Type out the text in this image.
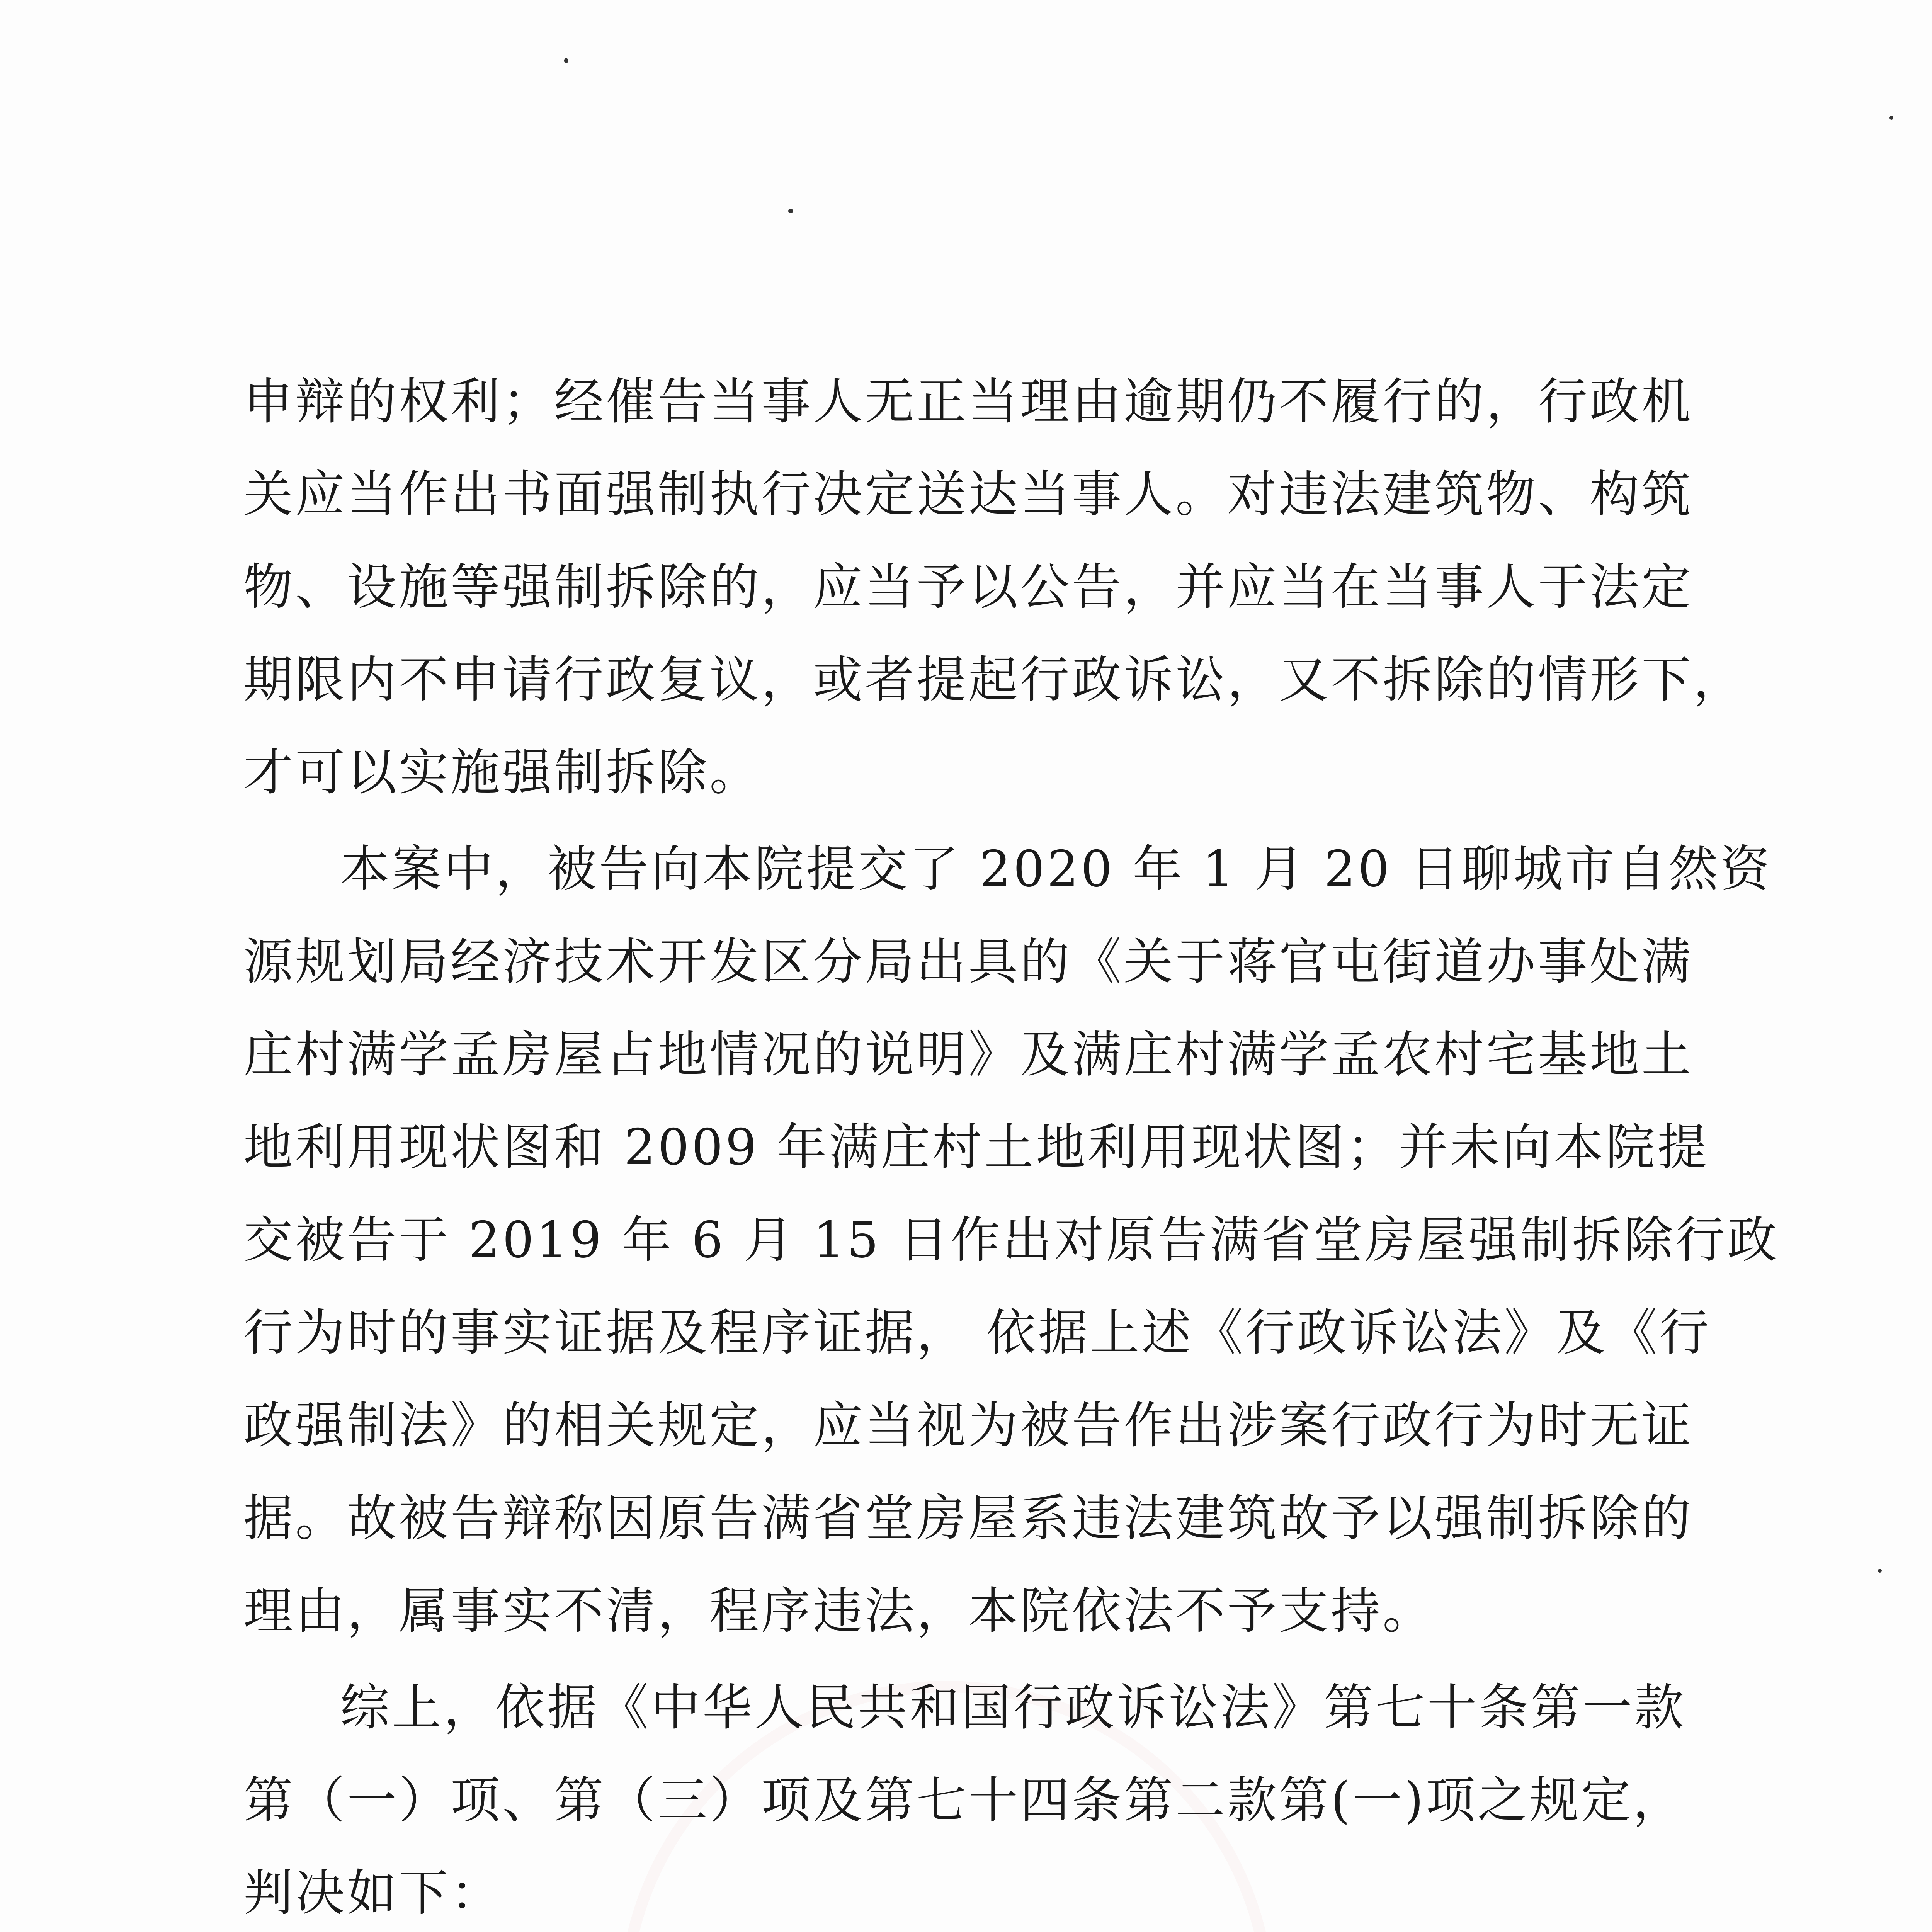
申辩的权利；经催告当事人无正当理由逾期仍不履行的，行政机
关应当作出书面强制执行决定送达当事人。对违法建筑物、构筑
物、设施等强制拆除的，应当予以公告，并应当在当事人于法定
期限内不申请行政复议，或者提起行政诉讼，又不拆除的情形下，
才可以实施强制拆除。
本案中，被告向本院提交了 2020 年 1 月 20 日聊城市自然资
源规划局经济技术开发区分局出具的《关于蒋官屯街道办事处满
庄村满学孟房屋占地情况的说明》及满庄村满学孟农村宅基地土
地利用现状图和 2009 年满庄村土地利用现状图；并未向本院提
交被告于 2019 年 6 月 15 日作出对原告满省堂房屋强制拆除行政
行为时的事实证据及程序证据， 依据上述《行政诉讼法》及《行
政强制法》的相关规定，应当视为被告作出涉案行政行为时无证
据。故被告辩称因原告满省堂房屋系违法建筑故予以强制拆除的
理由，属事实不清，程序违法，本院依法不予支持。
综上，依据《中华人民共和国行政诉讼法》第七十条第一款
第（一）项、第（三）项及第七十四条第二款第(一)项之规定，
判决如下：
